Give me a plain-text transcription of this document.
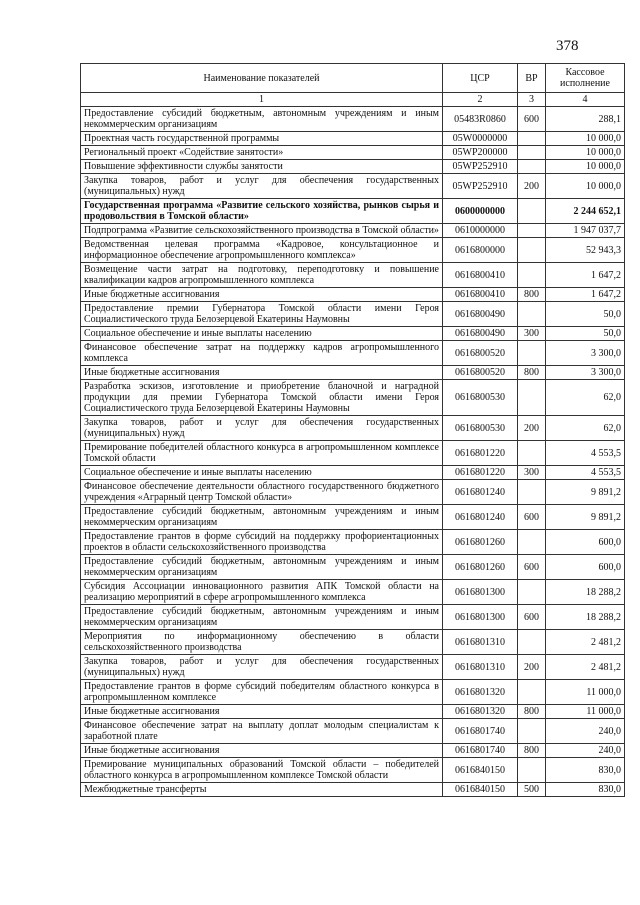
378
Наименование показателей	ЦСР	ВР	Кассовое исполнение
1	2	3	4
Предоставление субсидий бюджетным, автономным учреждениям и иным некоммерческим организациям	05483R0860	600	288,1
Проектная часть государственной программы	05W0000000		10 000,0
Региональный проект «Содействие занятости»	05WP200000		10 000,0
Повышение эффективности службы занятости	05WP252910		10 000,0
Закупка товаров, работ и услуг для обеспечения государственных (муниципальных) нужд	05WP252910	200	10 000,0
Государственная программа «Развитие сельского хозяйства, рынков сырья и продовольствия в Томской области»	0600000000		2 244 652,1
Подпрограмма «Развитие сельскохозяйственного производства в Томской области»	0610000000		1 947 037,7
Ведомственная целевая программа «Кадровое, консультационное и информационное обеспечение агропромышленного комплекса»	0616800000		52 943,3
Возмещение части затрат на подготовку, переподготовку и повышение квалификации кадров агропромышленного комплекса	0616800410		1 647,2
Иные бюджетные ассигнования	0616800410	800	1 647,2
Предоставление премии Губернатора Томской области имени Героя Социалистического труда Белозерцевой Екатерины Наумовны	0616800490		50,0
Социальное обеспечение и иные выплаты населению	0616800490	300	50,0
Финансовое обеспечение затрат на поддержку кадров агропромышленного комплекса	0616800520		3 300,0
Иные бюджетные ассигнования	0616800520	800	3 300,0
Разработка эскизов, изготовление и приобретение бланочной и наградной продукции для премии Губернатора Томской области имени Героя Социалистического труда Белозерцевой Екатерины Наумовны	0616800530		62,0
Закупка товаров, работ и услуг для обеспечения государственных (муниципальных) нужд	0616800530	200	62,0
Премирование победителей областного конкурса в агропромышленном комплексе Томской области	0616801220		4 553,5
Социальное обеспечение и иные выплаты населению	0616801220	300	4 553,5
Финансовое обеспечение деятельности областного государственного бюджетного учреждения «Аграрный центр Томской области»	0616801240		9 891,2
Предоставление субсидий бюджетным, автономным учреждениям и иным некоммерческим организациям	0616801240	600	9 891,2
Предоставление грантов в форме субсидий на поддержку профориентационных проектов в области сельскохозяйственного производства	0616801260		600,0
Предоставление субсидий бюджетным, автономным учреждениям и иным некоммерческим организациям	0616801260	600	600,0
Субсидия Ассоциации инновационного развития АПК Томской области на реализацию мероприятий в сфере агропромышленного комплекса	0616801300		18 288,2
Предоставление субсидий бюджетным, автономным учреждениям и иным некоммерческим организациям	0616801300	600	18 288,2
Мероприятия по информационному обеспечению в области сельскохозяйственного производства	0616801310		2 481,2
Закупка товаров, работ и услуг для обеспечения государственных (муниципальных) нужд	0616801310	200	2 481,2
Предоставление грантов в форме субсидий победителям областного конкурса в агропромышленном комплексе	0616801320		11 000,0
Иные бюджетные ассигнования	0616801320	800	11 000,0
Финансовое обеспечение затрат на выплату доплат молодым специалистам к заработной плате	0616801740		240,0
Иные бюджетные ассигнования	0616801740	800	240,0
Премирование муниципальных образований Томской области – победителей областного конкурса в агропромышленном комплексе Томской области	0616840150		830,0
Межбюджетные трансферты	0616840150	500	830,0
